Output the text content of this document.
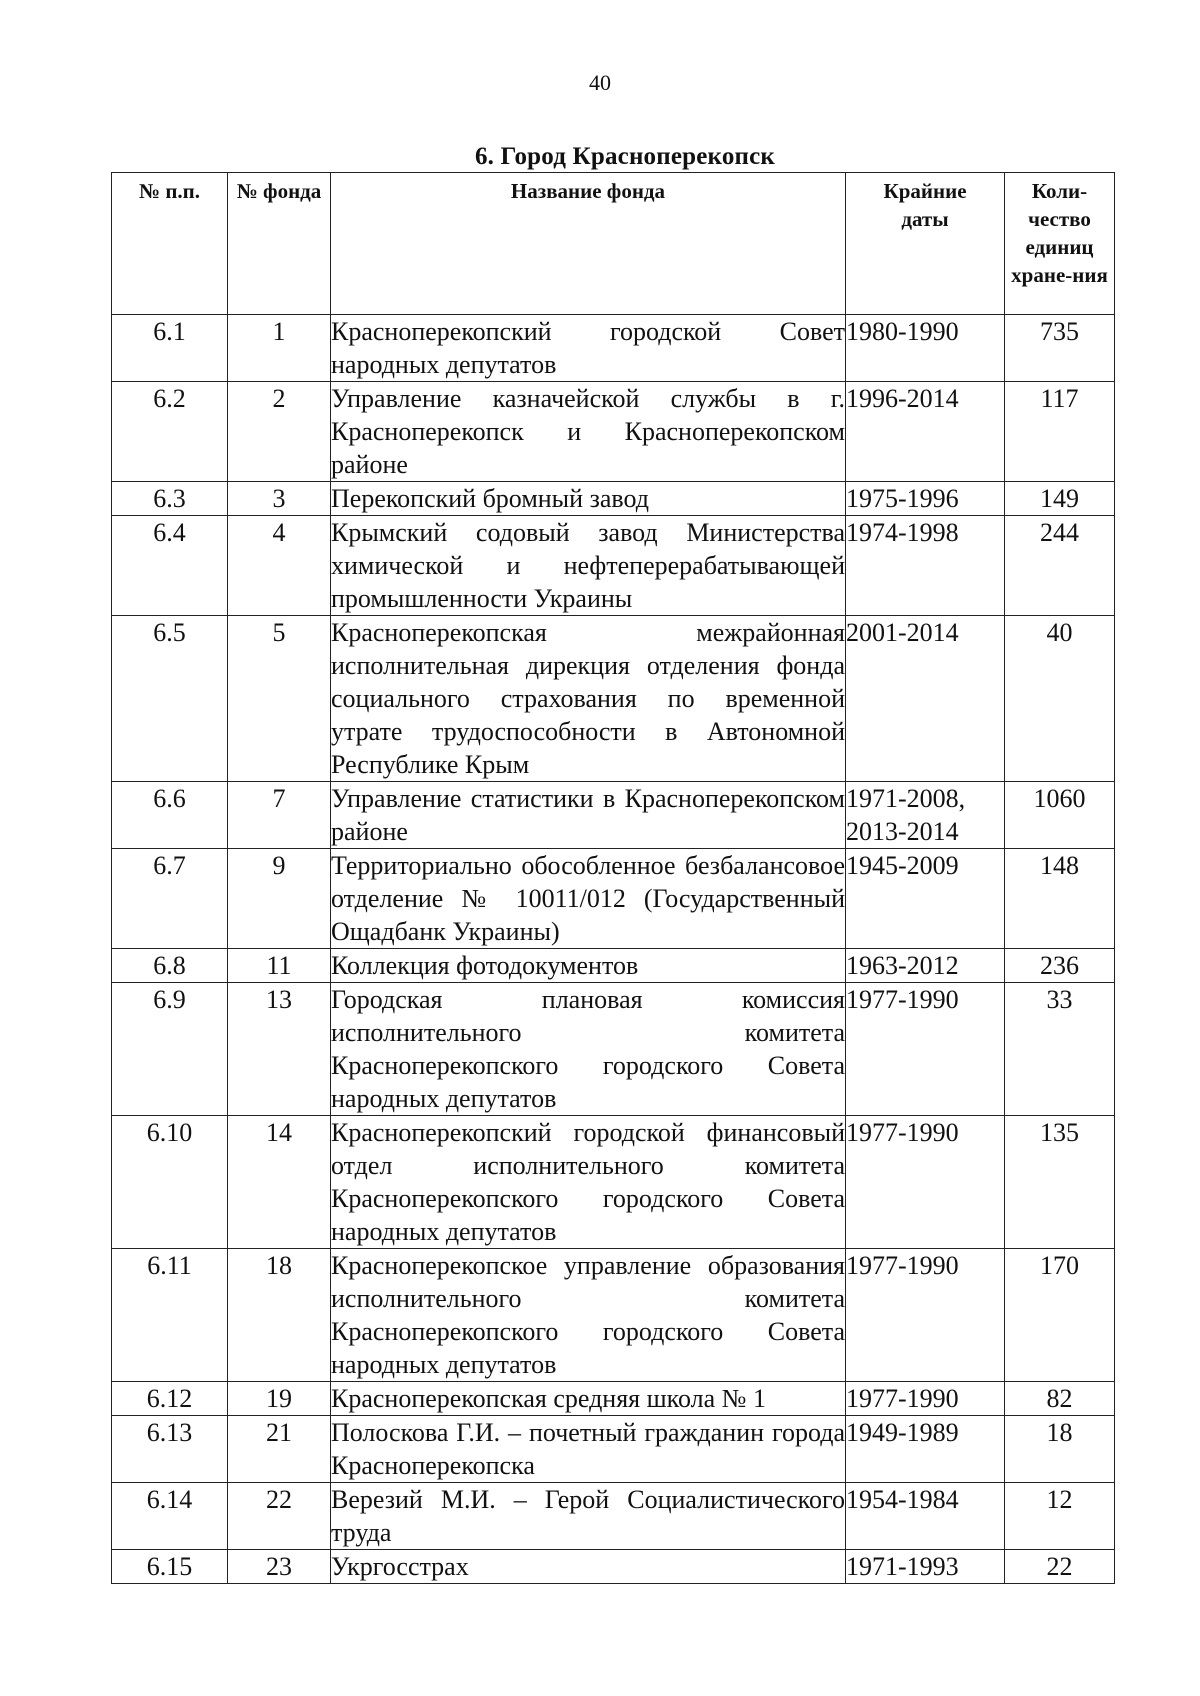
40
6. Город Красноперекопск
№ п.п.	№ фонда	Название фонда	Крайние даты	Коли-чество единиц хране-ния
6.1	1	Красноперекопский городской Совет народных депутатов	1980-1990	735
6.2	2	Управление казначейской службы в г. Красноперекопск и Красноперекопском районе	1996-2014	117
6.3	3	Перекопский бромный завод	1975-1996	149
6.4	4	Крымский содовый завод Министерства химической и нефтеперерабатывающей промышленности Украины	1974-1998	244
6.5	5	Красноперекопская межрайонная исполнительная дирекция отделения фонда социального страхования по временной утрате трудоспособности в Автономной Республике Крым	2001-2014	40
6.6	7	Управление статистики в Красноперекопском районе	1971-2008, 2013-2014	1060
6.7	9	Территориально обособленное безбалансовое отделение № 10011/012 (Государственный Ощадбанк Украины)	1945-2009	148
6.8	11	Коллекция фотодокументов	1963-2012	236
6.9	13	Городская плановая комиссия исполнительного комитета Красноперекопского городского Совета народных депутатов	1977-1990	33
6.10	14	Красноперекопский городской финансовый отдел исполнительного комитета Красноперекопского городского Совета народных депутатов	1977-1990	135
6.11	18	Красноперекопское управление образования исполнительного комитета Красноперекопского городского Совета народных депутатов	1977-1990	170
6.12	19	Красноперекопская средняя школа № 1	1977-1990	82
6.13	21	Полоскова Г.И. – почетный гражданин города Красноперекопска	1949-1989	18
6.14	22	Верезий М.И. – Герой Социалистического труда	1954-1984	12
6.15	23	Укргосстрах	1971-1993	22
